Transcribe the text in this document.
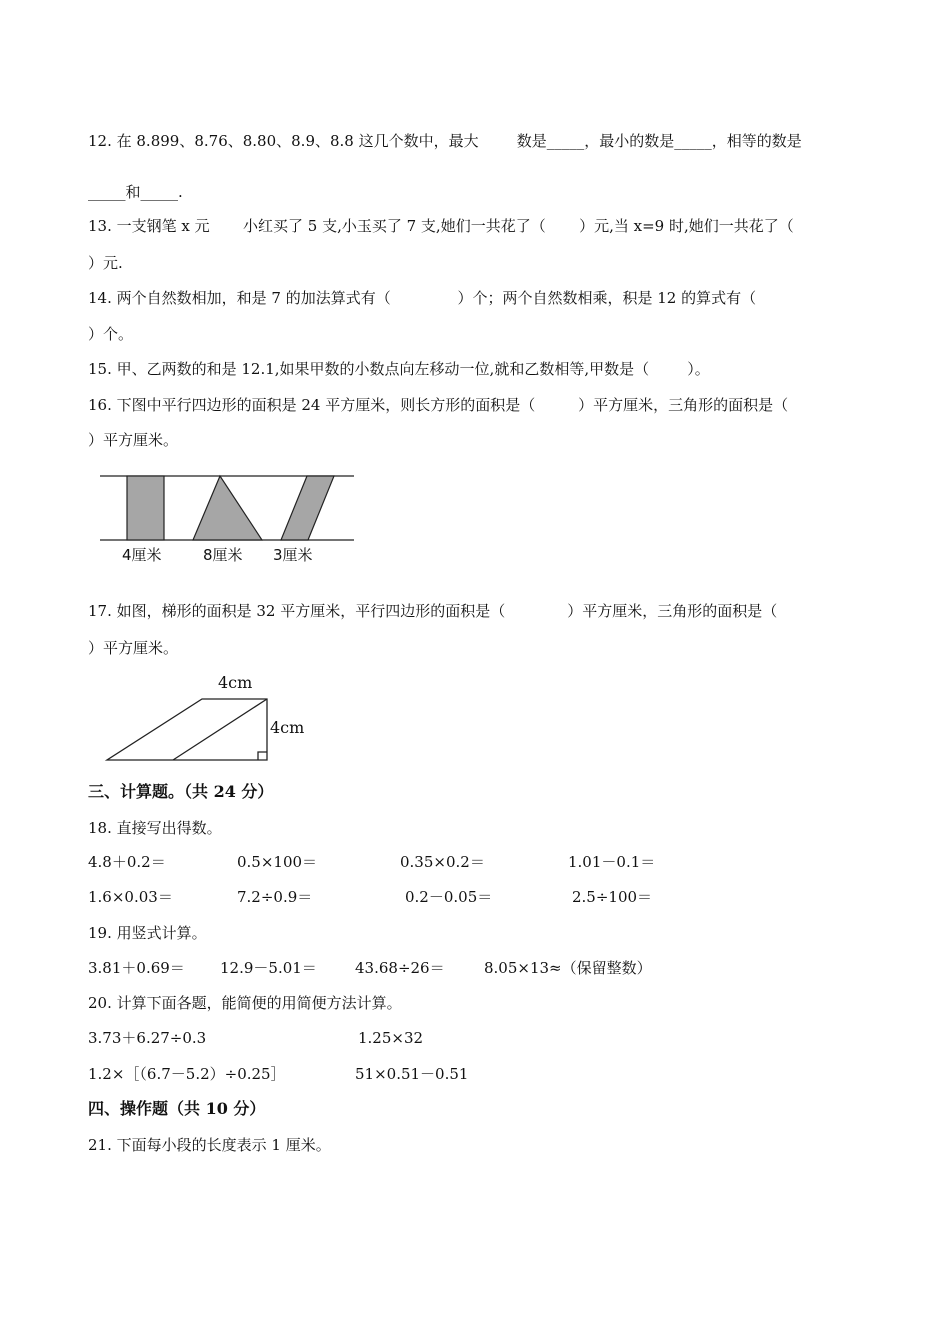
12. 在 8.899、8.76、8.80、8.9、8.8 这几个数中，最大        数是_____，最小的数是_____，相等的数是
_____和_____.
13. 一支钢笔 x 元       小红买了 5 支,小玉买了 7 支,她们一共花了（       ）元,当 x=9 时,她们一共花了（
）元.
14. 两个自然数相加，和是 7 的加法算式有（              ）个；两个自然数相乘，积是 12 的算式有（
）个。
15. 甲、乙两数的和是 12.1,如果甲数的小数点向左移动一位,就和乙数相等,甲数是（        ）。
16. 下图中平行四边形的面积是 24 平方厘米，则长方形的面积是（         ）平方厘米，三角形的面积是（
）平方厘米。
4厘米	8厘米 3厘米
17. 如图，梯形的面积是 32 平方厘米，平行四边形的面积是（             ）平方厘米，三角形的面积是（
）平方厘米。
4cm
4cm
三、计算题。（共 24 分）
18. 直接写出得数。
4.8＋0.2＝	0.5×100＝	0.35×0.2＝	1.01－0.1＝
1.6×0.03＝	7.2÷0.9＝	0.2－0.05＝	2.5÷100＝
19. 用竖式计算。
3.81＋0.69＝ 12.9－5.01＝	43.68÷26＝	8.05×13≈（保留整数）
20. 计算下面各题，能简便的用简便方法计算。
3.73＋6.27÷0.3	1.25×32
1.2×［（6.7－5.2）÷0.25］	51×0.51－0.51
四、操作题（共 10 分）
21. 下面每小段的长度表示 1 厘米。
